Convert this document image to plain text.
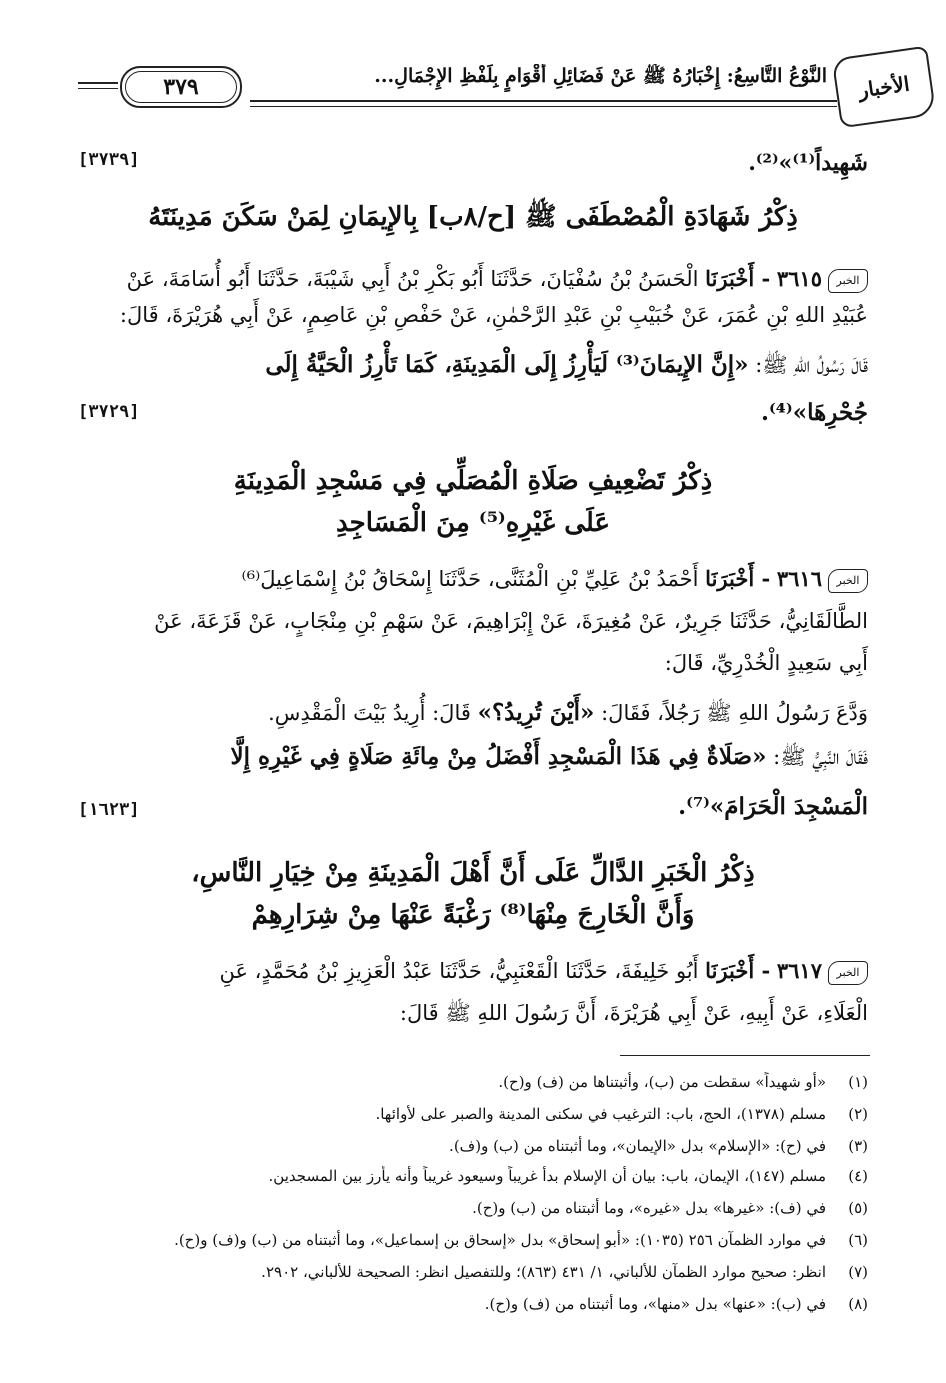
الأخبار
النَّوْعُ التَّاسِعُ: إِخْبَارُهُ ﷺ عَنْ فَضَائِلِ أَقْوَامٍ بِلَفْظِ الإِجْمَالِ...
٣٧٩
شَهِيداً⁽¹⁾»⁽²⁾.
[٣٧٣٩]
ذِكْرُ شَهَادَةِ الْمُصْطَفَى ﷺ [ح/٨ب] بِالإِيمَانِ لِمَنْ سَكَنَ مَدِينَتَهُ
الخبر٣٦١٥ - أَخْبَرَنَا الْحَسَنُ بْنُ سُفْيَانَ، حَدَّثَنَا أَبُو بَكْرِ بْنُ أَبِي شَيْبَةَ، حَدَّثَنَا أَبُو أُسَامَةَ، عَنْ
عُبَيْدِ اللهِ بْنِ عُمَرَ، عَنْ خُبَيْبِ بْنِ عَبْدِ الرَّحْمٰنِ، عَنْ حَفْصِ بْنِ عَاصِمٍ، عَنْ أَبِي هُرَيْرَةَ، قَالَ:
قَالَ رَسُولُ اللهِ ﷺ: «إِنَّ الإِيمَانَ⁽³⁾ لَيَأْرِزُ إِلَى الْمَدِينَةِ، كَمَا تَأْرِزُ الْحَيَّةُ إِلَى
جُحْرِهَا»⁽⁴⁾.
[٣٧٢٩]
ذِكْرُ تَضْعِيفِ صَلَاةِ الْمُصَلِّي فِي مَسْجِدِ الْمَدِينَةِ
عَلَى غَيْرِهِ⁽⁵⁾ مِنَ الْمَسَاجِدِ
الخبر٣٦١٦ - أَخْبَرَنَا أَحْمَدُ بْنُ عَلِيِّ بْنِ الْمُثَنَّى، حَدَّثَنَا إِسْحَاقُ بْنُ إِسْمَاعِيلَ⁽⁶⁾
الطَّالَقَانِيُّ، حَدَّثَنَا جَرِيرٌ، عَنْ مُغِيرَةَ، عَنْ إِبْرَاهِيمَ، عَنْ سَهْمِ بْنِ مِنْجَابٍ، عَنْ قَزَعَةَ، عَنْ
أَبِي سَعِيدٍ الْخُدْرِيِّ، قَالَ:
وَدَّعَ رَسُولُ اللهِ ﷺ رَجُلاً، فَقَالَ: «أَيْنَ تُرِيدُ؟» قَالَ: أُرِيدُ بَيْتَ الْمَقْدِسِ.
فَقَالَ النَّبِيُّ ﷺ: «صَلَاةٌ فِي هَذَا الْمَسْجِدِ أَفْضَلُ مِنْ مِائَةِ صَلَاةٍ فِي غَيْرِهِ إِلَّا
الْمَسْجِدَ الْحَرَامَ»⁽⁷⁾.
[١٦٢٣]
ذِكْرُ الْخَبَرِ الدَّالِّ عَلَى أَنَّ أَهْلَ الْمَدِينَةِ مِنْ خِيَارِ النَّاسِ،
وَأَنَّ الْخَارِجَ مِنْهَا⁽⁸⁾ رَغْبَةً عَنْهَا مِنْ شِرَارِهِمْ
الخبر٣٦١٧ - أَخْبَرَنَا أَبُو خَلِيفَةَ، حَدَّثَنَا الْقَعْنَبِيُّ، حَدَّثَنَا عَبْدُ الْعَزِيزِ بْنُ مُحَمَّدٍ، عَنِ
الْعَلَاءِ، عَنْ أَبِيهِ، عَنْ أَبِي هُرَيْرَةَ، أَنَّ رَسُولَ اللهِ ﷺ قَالَ:
(١)«أو شهيداً» سقطت من (ب)، وأثبتناها من (ف) و(ح).
(٢)مسلم (١٣٧٨)، الحج، باب: الترغيب في سكنى المدينة والصبر على لأوائها.
(٣)في (ح): «الإسلام» بدل «الإيمان»، وما أثبتناه من (ب) و(ف).
(٤)مسلم (١٤٧)، الإيمان، باب: بيان أن الإسلام بدأ غريباً وسيعود غريباً وأنه يأرز بين المسجدين.
(٥)في (ف): «غيرها» بدل «غيره»، وما أثبتناه من (ب) و(ح).
(٦)في موارد الظمآن ٢٥٦ (١٠٣٥): «أبو إسحاق» بدل «إسحاق بن إسماعيل»، وما أثبتناه من (ب) و(ف) و(ح).
(٧)انظر: صحيح موارد الظمآن للألباني، ١/ ٤٣١ (٨٦٣)؛ وللتفصيل انظر: الصحيحة للألباني، ٢٩٠٢.
(٨)في (ب): «عنها» بدل «منها»، وما أثبتناه من (ف) و(ح).
